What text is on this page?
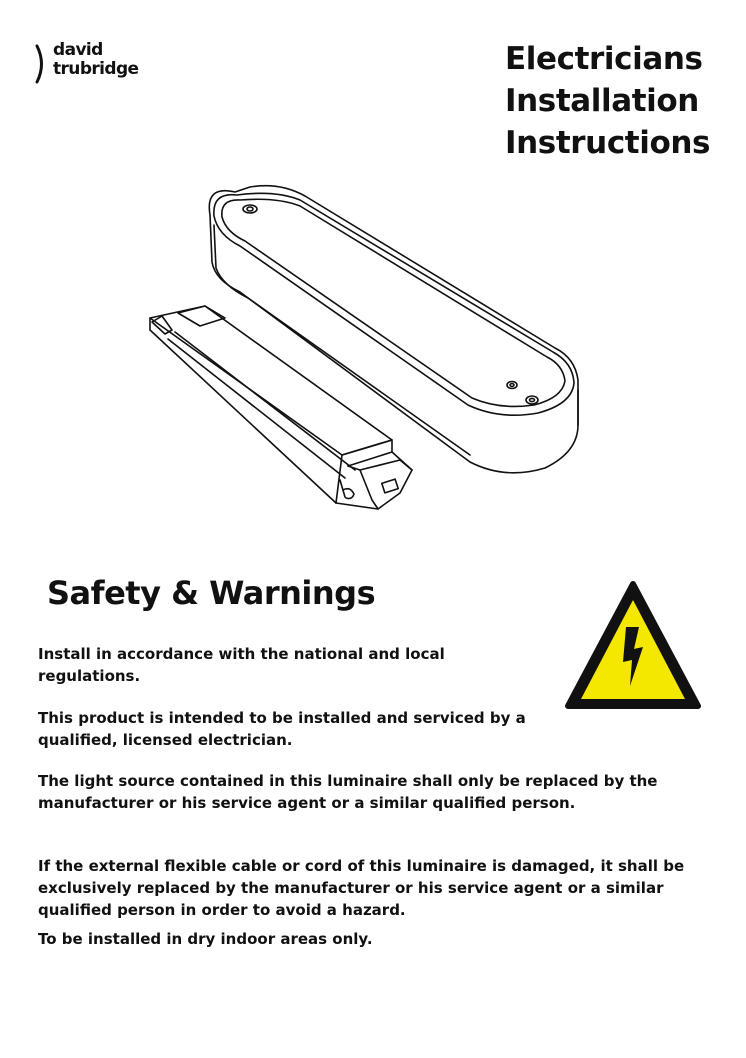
david
trubridge	Electricians
Installation
Instructions
Safety & Warnings
Install in accordance with the national and local regulations.
This product is intended to be installed and serviced by a qualified, licensed electrician.
The light source contained in this luminaire shall only be replaced by the manufacturer or his service agent or a similar qualified person.
If the external flexible cable or cord of this luminaire is damaged, it shall be exclusively replaced by the manufacturer or his service agent or a similar qualified person in order to avoid a hazard.
To be installed in dry indoor areas only.
